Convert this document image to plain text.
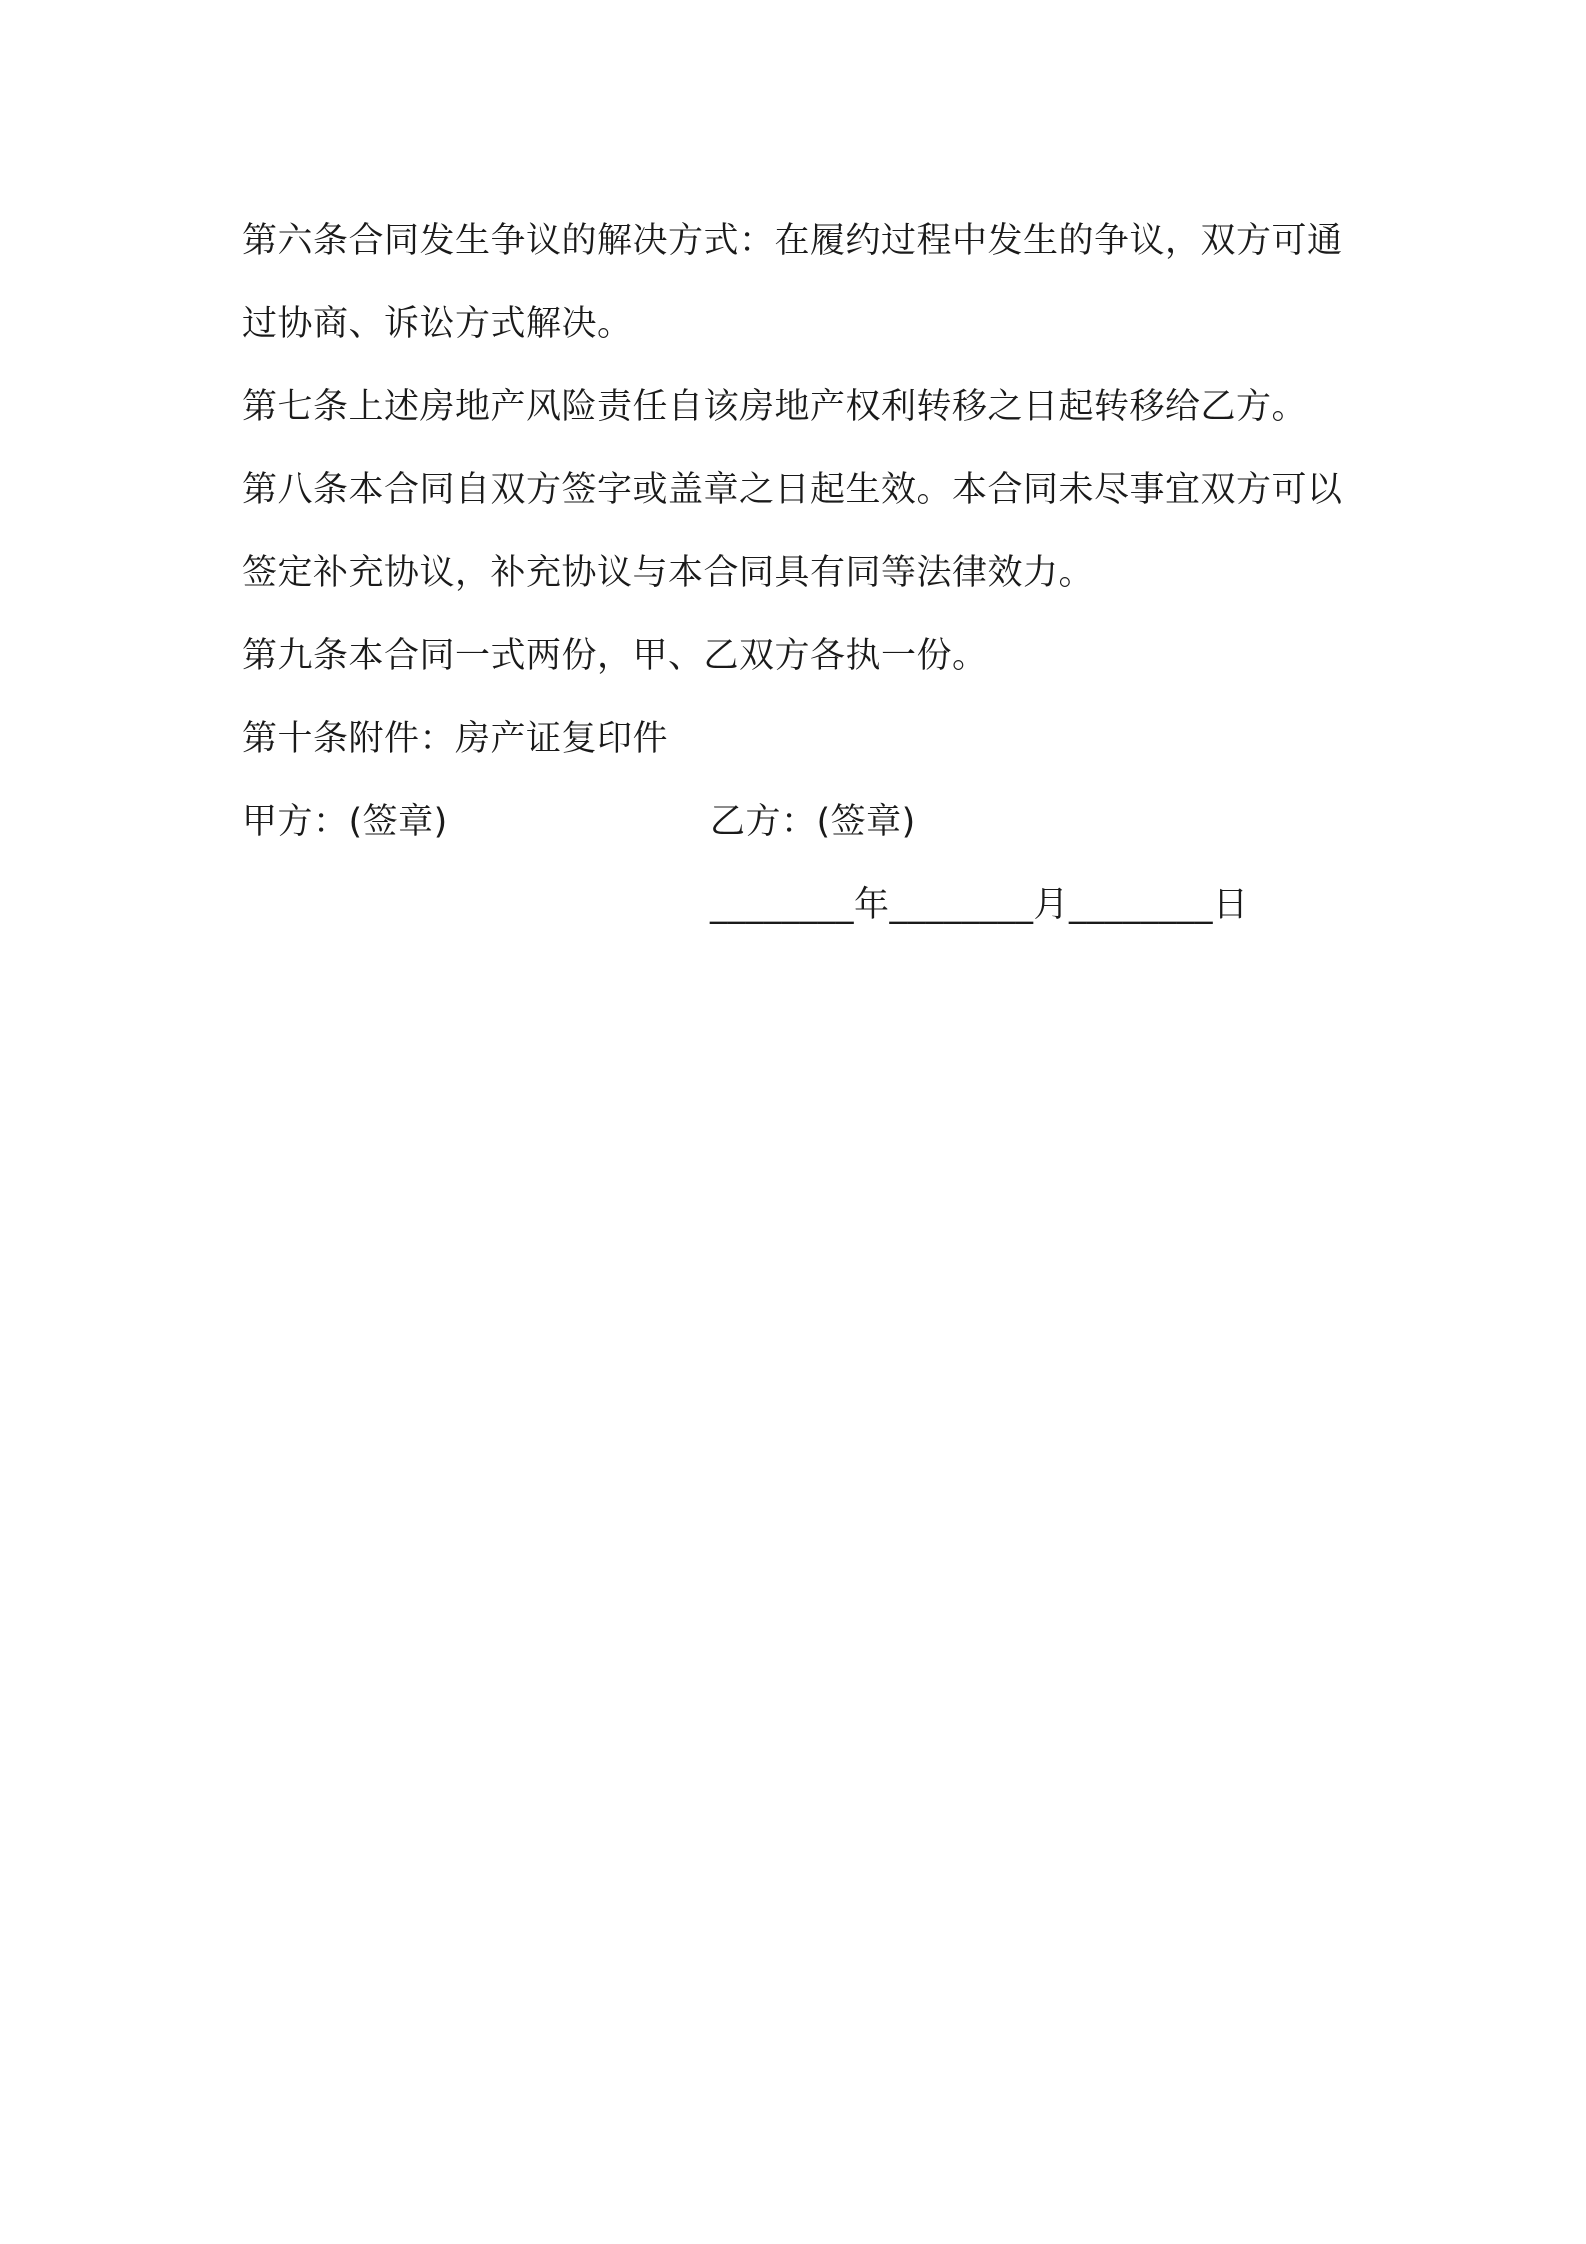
第六条合同发生争议的解决方式：在履约过程中发生的争议，双方可通过协商、诉讼方式解决。

第七条上述房地产风险责任自该房地产权利转移之日起转移给乙方。

第八条本合同自双方签字或盖章之日起生效。本合同未尽事宜双方可以签定补充协议，补充协议与本合同具有同等法律效力。

第九条本合同一式两份，甲、乙双方各执一份。

第十条附件：房产证复印件

甲方：(签章)	乙方：(签章)
________年________月________日
